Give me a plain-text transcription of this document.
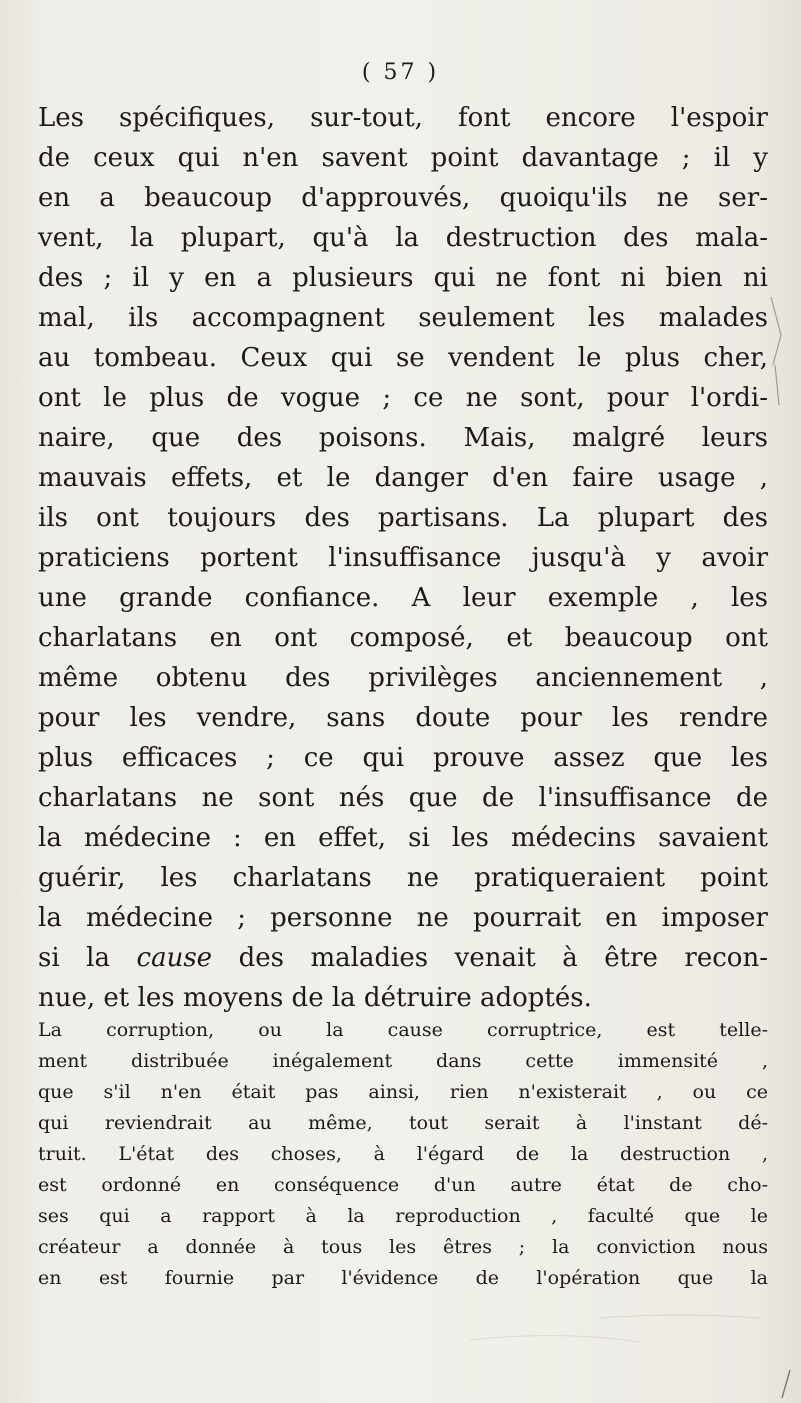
( 57 )
Les spécifiques, sur-tout, font encore l'espoir
de ceux qui n'en savent point davantage ; il y
en a beaucoup d'approuvés, quoiqu'ils ne ser-
vent, la plupart, qu'à la destruction des mala-
des ; il y en a plusieurs qui ne font ni bien ni
mal, ils accompagnent seulement les malades
au tombeau. Ceux qui se vendent le plus cher,
ont le plus de vogue ; ce ne sont, pour l'ordi-
naire, que des poisons. Mais, malgré leurs
mauvais effets, et le danger d'en faire usage ,
ils ont toujours des partisans. La plupart des
praticiens portent l'insuffisance jusqu'à y avoir
une grande confiance. A leur exemple , les
charlatans en ont composé, et beaucoup ont
même obtenu des privilèges anciennement ,
pour les vendre, sans doute pour les rendre
plus efficaces ; ce qui prouve assez que les
charlatans ne sont nés que de l'insuffisance de
la médecine : en effet, si les médecins savaient
guérir, les charlatans ne pratiqueraient point
la médecine ; personne ne pourrait en imposer
si la cause des maladies venait à être recon-
nue, et les moyens de la détruire adoptés.
La corruption, ou la cause corruptrice, est telle-
ment distribuée inégalement dans cette immensité ,
que s'il n'en était pas ainsi, rien n'existerait , ou ce
qui reviendrait au même, tout serait à l'instant dé-
truit. L'état des choses, à l'égard de la destruction ,
est ordonné en conséquence d'un autre état de cho-
ses qui a rapport à la reproduction , faculté que le
créateur a donnée à tous les êtres ; la conviction nous
en est fournie par l'évidence de l'opération que la
